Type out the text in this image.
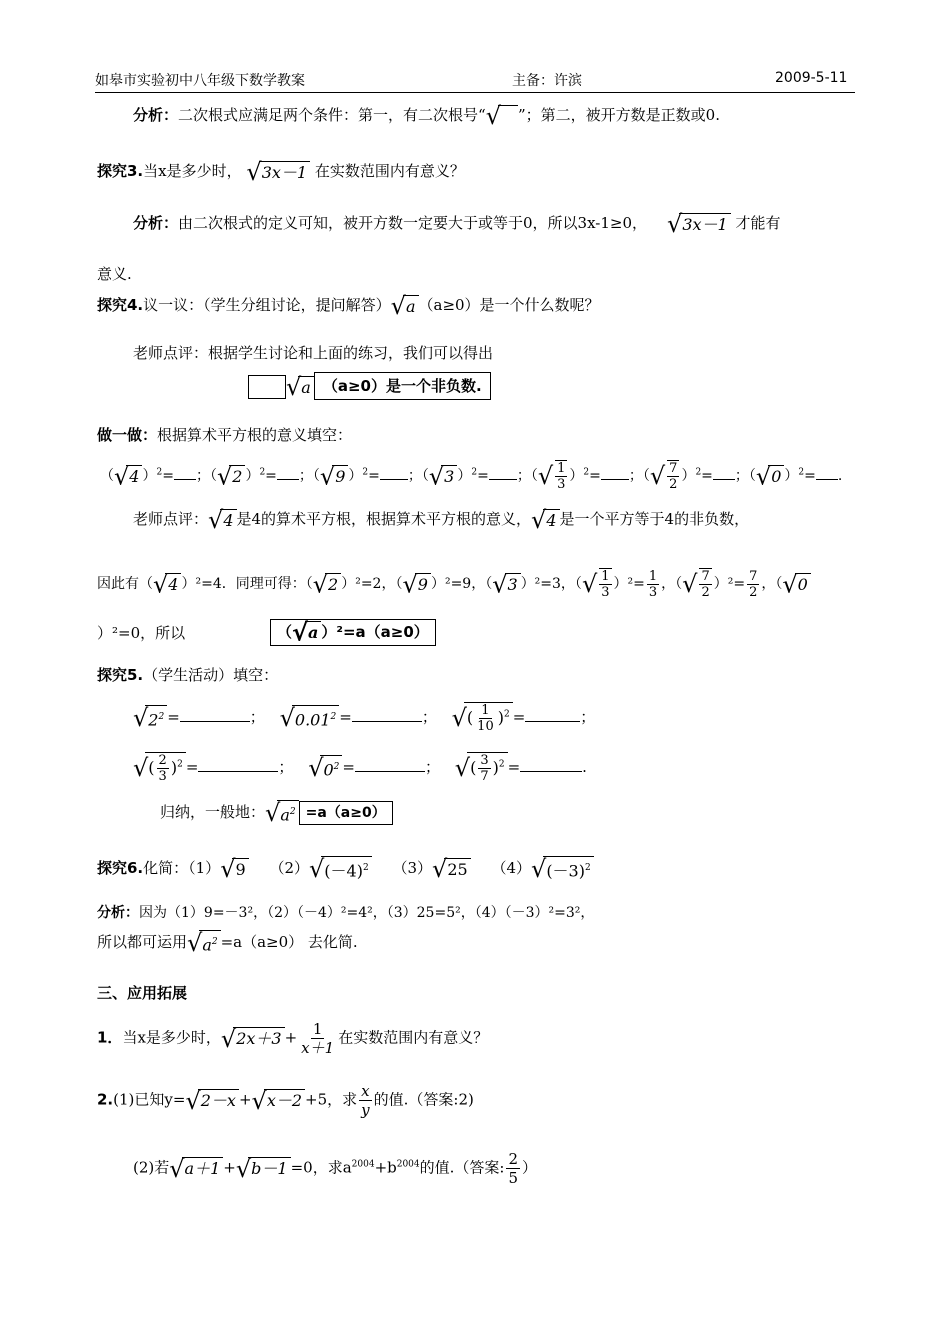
如皋市实验初中八年级下数学教案	主备：许滨	2009-5-11
分析：二次根式应满足两个条件：第一，有二次根号“√ ”；第二，被开方数是正数或0.
探究3.当x是多少时， √3x－1 在实数范围内有意义？
分析：由二次根式的定义可知，被开方数一定要大于或等于0，所以3x-1≥0， √3x－1 才能有
意义.
探究4.议一议：（学生分组讨论，提问解答）√a （a≥0）是一个什么数呢？
老师点评：根据学生讨论和上面的练习，我们可以得出
√a （a≥0）是一个非负数.
做一做：根据算术平方根的意义填空：
（√4 ）$^2$= ；（√2 ）$^2$= ；（√9 ）$^2$= ；（√3 ）$^2$= ；（√ $\frac{1}{3} )^2=$ ；（√ $\frac{7}{2} )^2=$ ；（√0 ）$^2$= .
老师点评：√4 是4的算术平方根，根据算术平方根的意义，√4 是一个平方等于4的非负数，
因此有（√4 ）²=4．同理可得：（√2 ）²=2，（√9 ）²=9，（√3 ）²=3，（√ $\frac{1}{3} )^2= \frac{1}{3}$ ，（√ $\frac{7}{2} )^2= \frac{7}{2}$ ，（√0
）²=0，所以	（√a ）²=a（a≥0）
探究5.（学生活动）填空：
$√2^2$ =	； $√0.01^2$ =	； √( $\frac{1}{10} )^2$ =	；
√( $\frac{2}{3} )^2$ =	； $√0^2$ =	； √( $\frac{3}{7} )^2$ =	.
归纳，一般地：$√a^2 =a(a\ge 0)$
探究6.化简：（1）√9 $(2)√(-4)^2$ （3）√25 $(4)√(-3)^2$
分析：因为（1）9=－3²，（2）（－4）²=4²，（3）25=5²，（4）（－3）²=3²，
所以都可运用$√a^2 =a(a\ge 0)$ 去化简.
三、应用拓展
1．当x是多少时，$√2x+3 + \frac{1}{x+1}$ 在实数范围内有意义？
2.(1)已知y=√2－x +√x－2 +5，求 $\frac{x}{y}$ 的值.（答案:2)
(2)若√a＋1 +√b－1 =0，求$a^{2004}+b^{2004}$的值.（答案: $\frac{2}{5}$ ）
